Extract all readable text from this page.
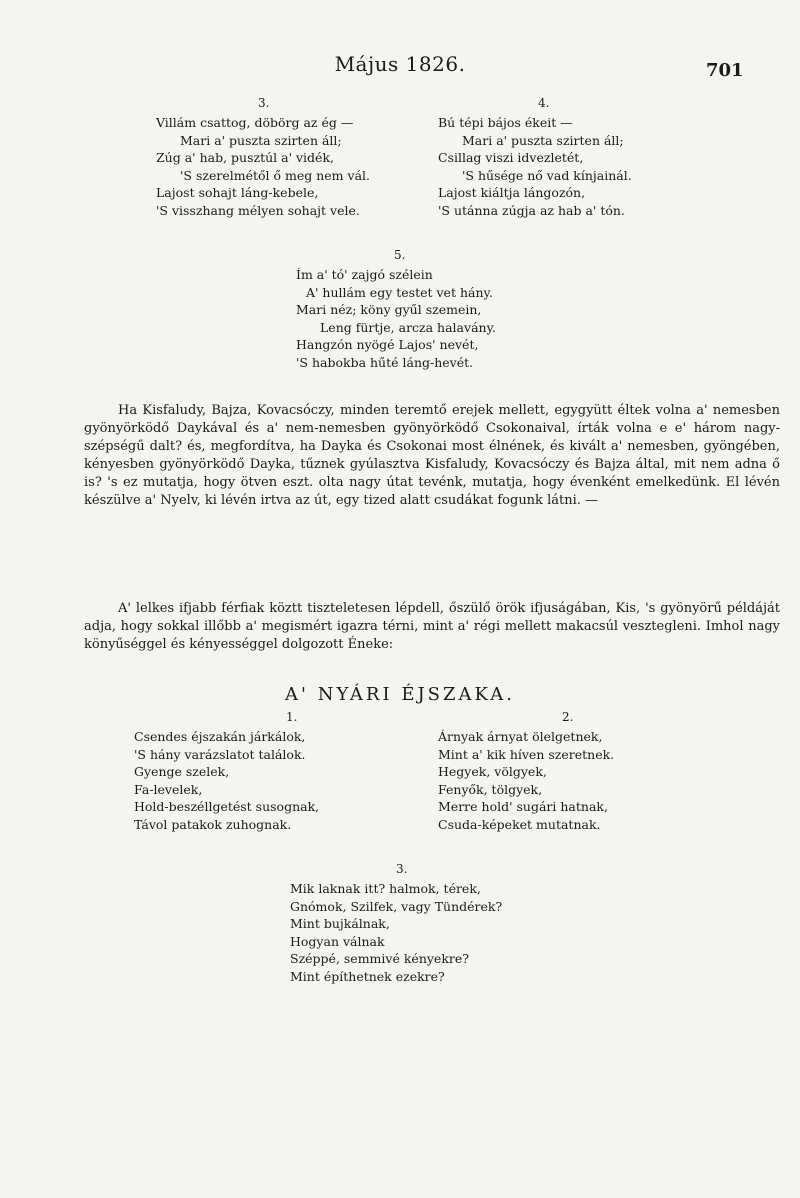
Május 1826.	701
3.
Villám csattog, döbörg az ég —
Mari a' puszta szirten áll;
Zúg a' hab, pusztúl a' vidék,
'S szerelmétől ő meg nem vál.
Lajost sohajt láng-kebele,
'S visszhang mélyen sohajt vele.
4.
Bú tépi bájos ékeit —
Mari a' puszta szirten áll;
Csillag viszi idvezletét,
'S hűsége nő vad kínjainál.
Lajost kiáltja lángozón,
'S utánna zúgja az hab a' tón.
5.
Ím a' tó' zajgó szélein
A' hullám egy testet vet hány.
Mari néz; köny gyűl szemein,
Leng fürtje, arcza halavány.
Hangzón nyögé Lajos' nevét,
'S habokba hűté láng-hevét.

Ha Kisfaludy, Bajza, Kovacsóczy, minden teremtő erejek mellett, egygyütt éltek volna a' nemesben gyönyörködő Daykával és a' nem-nemesben gyönyörködő Csokonaival, írták volna e e' három nagy-szépségű dalt? és, megfordítva, ha Dayka és Csokonai most élnének, és kivált a' nemesben, gyöngében, kényesben gyönyörködő Dayka, tűznek gyúlasztva Kisfaludy, Kovacsóczy és Bajza által, mit nem adna ő is? 's ez mutatja, hogy ötven eszt. olta nagy útat tevénk, mutatja, hogy évenként emelkedünk. El lévén készülve a' Nyelv, ki lévén irtva az út, egy tized alatt csudákat fogunk látni. —

A' lelkes ifjabb férfiak köztt tiszteletesen lépdell, őszülő örök ifjuságában, Kis, 's gyönyörű példáját adja, hogy sokkal illőbb a' megismért igazra térni, mint a' régi mellett makacsúl vesztegleni. Imhol nagy könyűséggel és kényességgel dolgozott Éneke:

A' NYÁRI ÉJSZAKA.
1.
Csendes éjszakán járkálok,
'S hány varázslatot találok.
Gyenge szelek,
Fa-levelek,
Hold-beszéllgetést susognak,
Távol patakok zuhognak.
2.
Árnyak árnyat ölelgetnek,
Mint a' kik híven szeretnek.
Hegyek, völgyek,
Fenyők, tölgyek,
Merre hold' sugári hatnak,
Csuda-képeket mutatnak.
3.
Mik laknak itt? halmok, térek,
Gnómok, Szilfek, vagy Tündérek?
Mint bujkálnak,
Hogyan válnak
Széppé, semmivé kényekre?
Mint építhetnek ezekre?
